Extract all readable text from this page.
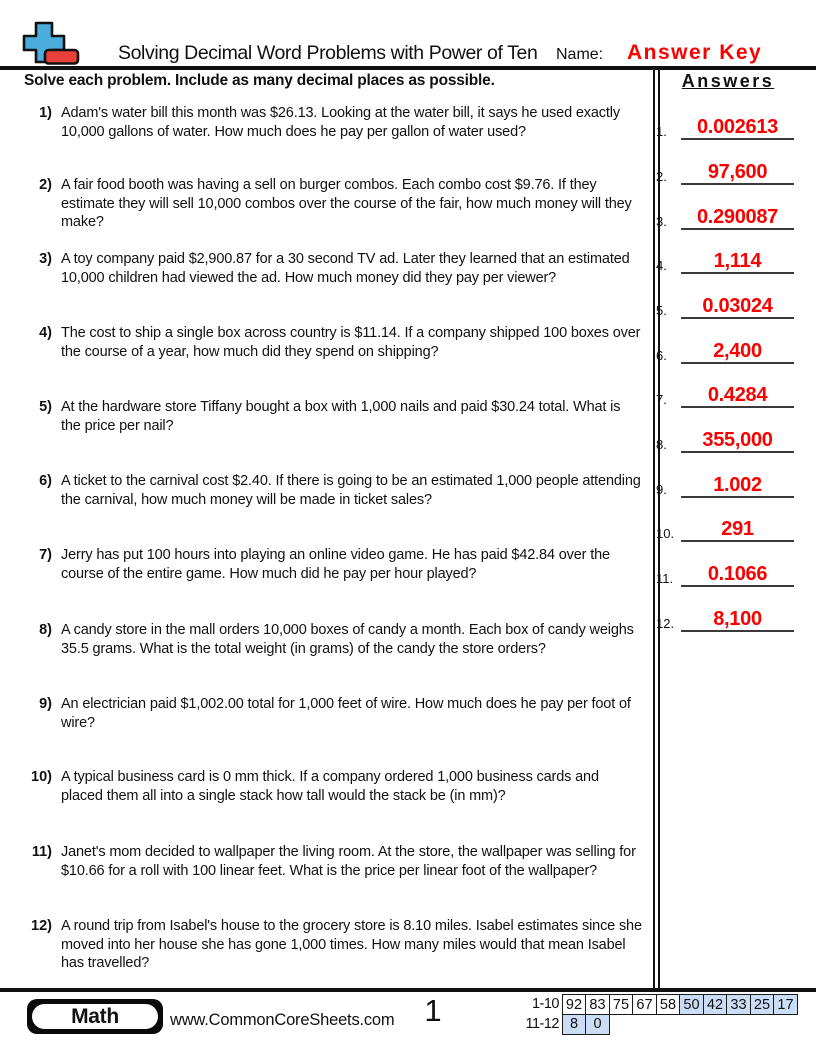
Solving Decimal Word Problems with Power of Ten Name: Answer Key
Solve each problem. Include as many decimal places as possible.	Answers
1) Adam's water bill this month was $26.13. Looking at the water bill, it says he used exactly 10,000 gallons of water. How much does he pay per gallon of water used?
2) A fair food booth was having a sell on burger combos. Each combo cost $9.76. If they estimate they will sell 10,000 combos over the course of the fair, how much money will they make?
3) A toy company paid $2,900.87 for a 30 second TV ad. Later they learned that an estimated 10,000 children had viewed the ad. How much money did they pay per viewer?
4) The cost to ship a single box across country is $11.14. If a company shipped 100 boxes over the course of a year, how much did they spend on shipping?
5) At the hardware store Tiffany bought a box with 1,000 nails and paid $30.24 total. What is the price per nail?
6) A ticket to the carnival cost $2.40. If there is going to be an estimated 1,000 people attending the carnival, how much money will be made in ticket sales?
7) Jerry has put 100 hours into playing an online video game. He has paid $42.84 over the course of the entire game. How much did he pay per hour played?
8) A candy store in the mall orders 10,000 boxes of candy a month. Each box of candy weighs 35.5 grams. What is the total weight (in grams) of the candy the store orders?
9) An electrician paid $1,002.00 total for 1,000 feet of wire. How much does he pay per foot of wire?
10) A typical business card is 0 mm thick. If a company ordered 1,000 business cards and placed them all into a single stack how tall would the stack be (in mm)?
11) Janet's mom decided to wallpaper the living room. At the store, the wallpaper was selling for $10.66 for a roll with 100 linear feet. What is the price per linear foot of the wallpaper?
12) A round trip from Isabel's house to the grocery store is 8.10 miles. Isabel estimates since she moved into her house she has gone 1,000 times. How many miles would that mean Isabel has travelled?
1.	0.002613
2.	97,600
3.	0.290087
4.	1,114
5.	0.03024
6.	2,400
7.	0.4284
8.	355,000
9.	1.002
10.	291
11.	0.1066
12.	8,100
Math	www.CommonCoreSheets.com 1	1-10 92 83 75 67 58 50 42 33 25 17
11-12 8	0
